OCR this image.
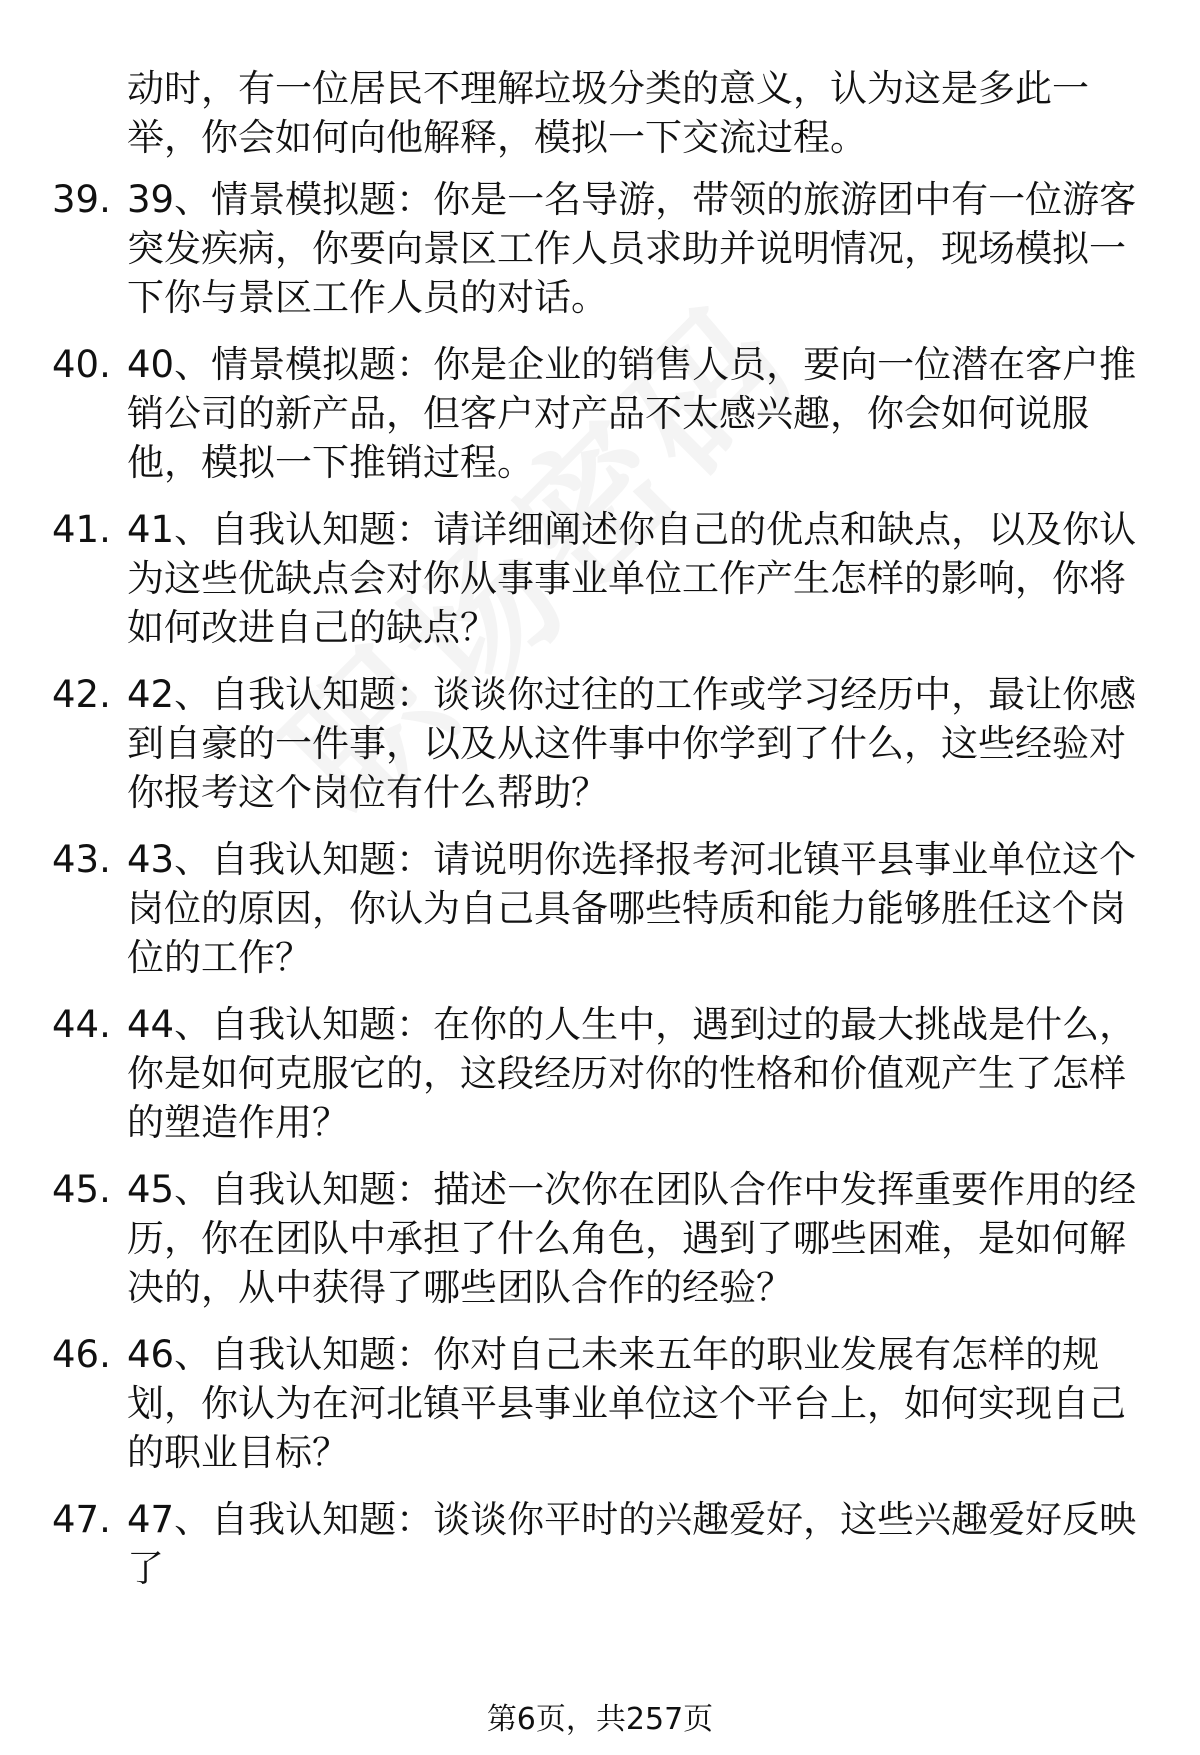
动时，有一位居民不理解垃圾分类的意义，认为这是多此一举，你会如何向他解释，模拟一下交流过程。
39. 39、情景模拟题：你是一名导游，带领的旅游团中有一位游客突发疾病，你要向景区工作人员求助并说明情况，现场模拟一下你与景区工作人员的对话。
40. 40、情景模拟题：你是企业的销售人员，要向一位潜在客户推销公司的新产品，但客户对产品不太感兴趣，你会如何说服他，模拟一下推销过程。
41. 41、自我认知题：请详细阐述你自己的优点和缺点，以及你认为这些优缺点会对你从事事业单位工作产生怎样的影响，你将如何改进自己的缺点？
42. 42、自我认知题：谈谈你过往的工作或学习经历中，最让你感到自豪的一件事，以及从这件事中你学到了什么，这些经验对你报考这个岗位有什么帮助？
43. 43、自我认知题：请说明你选择报考河北镇平县事业单位这个岗位的原因，你认为自己具备哪些特质和能力能够胜任这个岗位的工作？
44. 44、自我认知题：在你的人生中，遇到过的最大挑战是什么，你是如何克服它的，这段经历对你的性格和价值观产生了怎样的塑造作用？
45. 45、自我认知题：描述一次你在团队合作中发挥重要作用的经历，你在团队中承担了什么角色，遇到了哪些困难，是如何解决的，从中获得了哪些团队合作的经验？
46. 46、自我认知题：你对自己未来五年的职业发展有怎样的规划，你认为在河北镇平县事业单位这个平台上，如何实现自己的职业目标？
47. 47、自我认知题：谈谈你平时的兴趣爱好，这些兴趣爱好反映了
第6页，共257页
